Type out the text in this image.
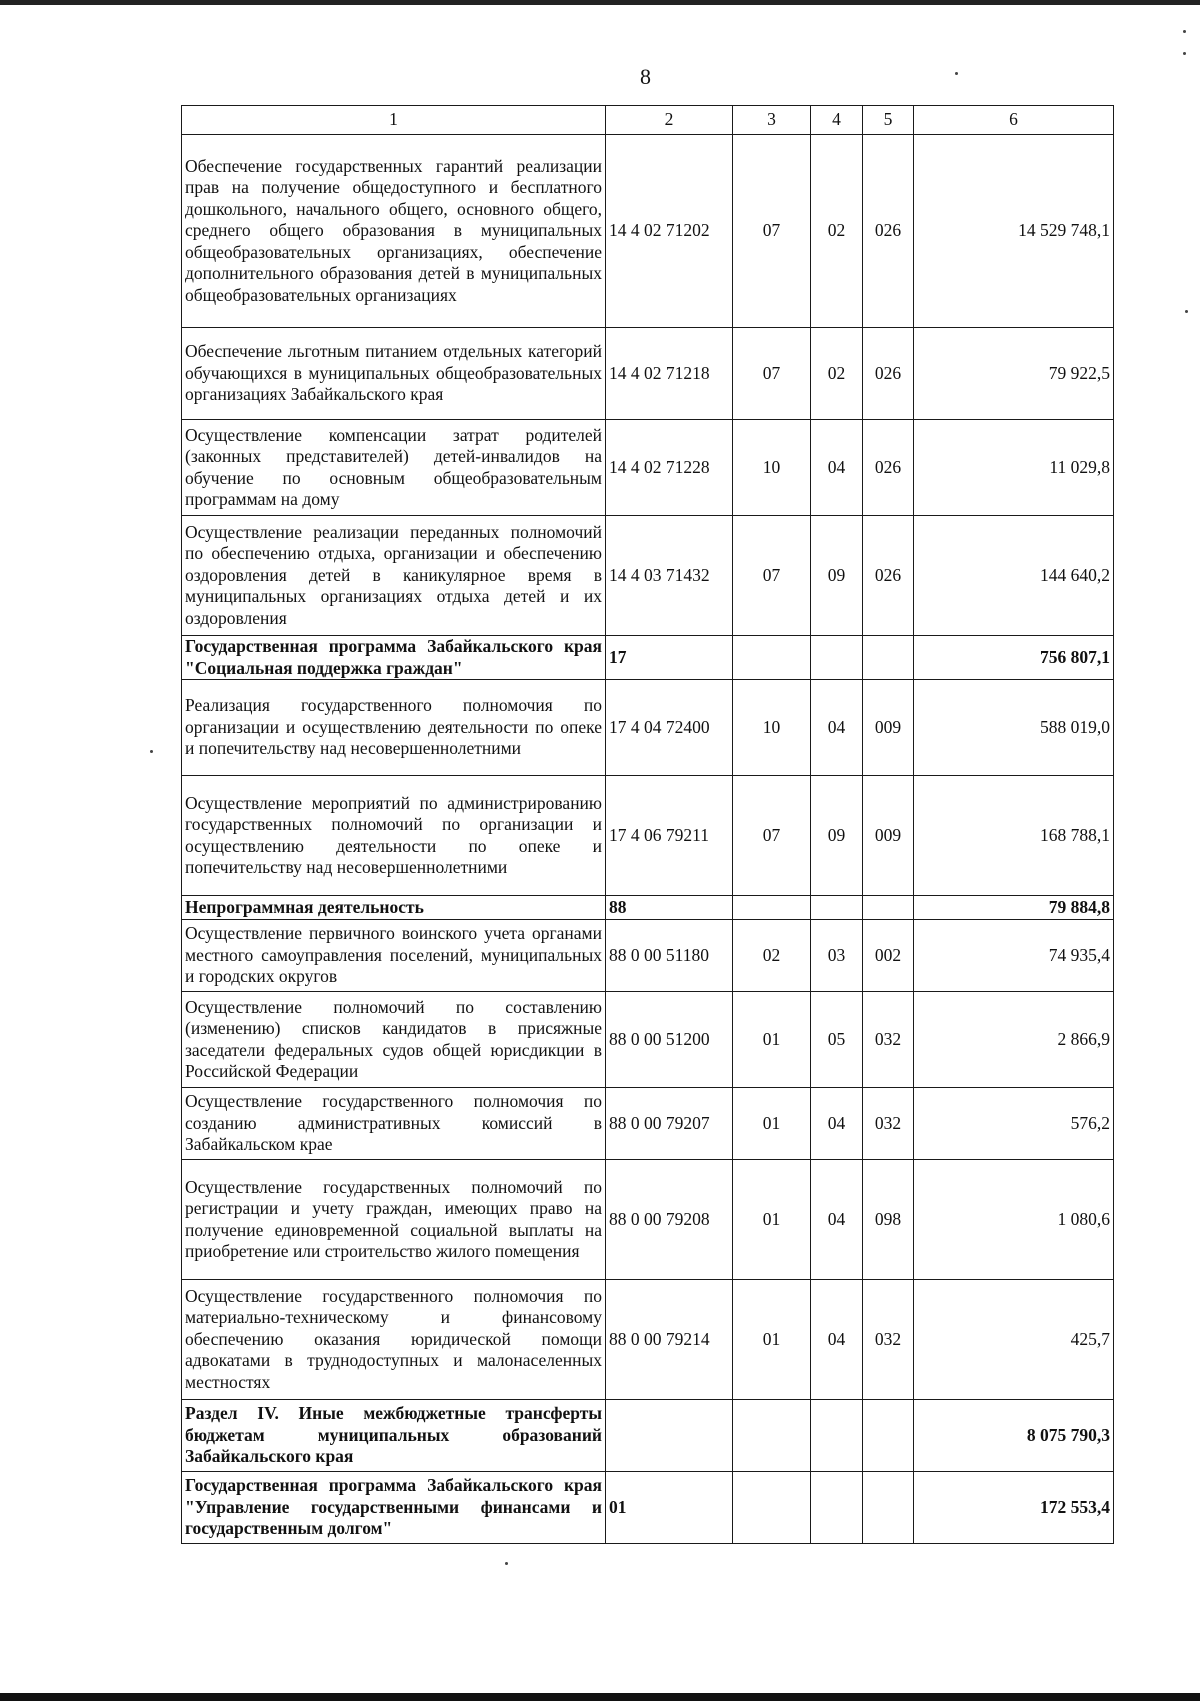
8
1	2	3	4	5	6
Обеспечение государственных гарантий реализации прав на получение общедоступного и бесплатного дошкольного, начального общего, основного общего, среднего общего образования в муниципальных общеобразовательных организациях, обеспечение дополнительного образования детей в муниципальных общеобразовательных организациях	14 4 02 71202	07	02	026	14 529 748,1
Обеспечение льготным питанием отдельных категорий обучающихся в муниципальных общеобразовательных организациях Забайкальского края	14 4 02 71218	07	02	026	79 922,5
Осуществление компенсации затрат родителей (законных представителей) детей-инвалидов на обучение по основным общеобразовательным программам на дому	14 4 02 71228	10	04	026	11 029,8
Осуществление реализации переданных полномочий по обеспечению отдыха, организации и обеспечению оздоровления детей в каникулярное время в муниципальных организациях отдыха детей и их оздоровления	14 4 03 71432	07	09	026	144 640,2
Государственная программа Забайкальского края "Социальная поддержка граждан"	17				756 807,1
Реализация государственного полномочия по организации и осуществлению деятельности по опеке и попечительству над несовершеннолетними	17 4 04 72400	10	04	009	588 019,0
Осуществление мероприятий по администрированию государственных полномочий по организации и осуществлению деятельности по опеке и попечительству над несовершеннолетними	17 4 06 79211	07	09	009	168 788,1
Непрограммная деятельность	88				79 884,8
Осуществление первичного воинского учета органами местного самоуправления поселений, муниципальных и городских округов	88 0 00 51180	02	03	002	74 935,4
Осуществление полномочий по составлению (изменению) списков кандидатов в присяжные заседатели федеральных судов общей юрисдикции в Российской Федерации	88 0 00 51200	01	05	032	2 866,9
Осуществление государственного полномочия по созданию административных комиссий в Забайкальском крае	88 0 00 79207	01	04	032	576,2
Осуществление государственных полномочий по регистрации и учету граждан, имеющих право на получение единовременной социальной выплаты на приобретение или строительство жилого помещения	88 0 00 79208	01	04	098	1 080,6
Осуществление государственного полномочия по материально-техническому и финансовому обеспечению оказания юридической помощи адвокатами в труднодоступных и малонаселенных местностях	88 0 00 79214	01	04	032	425,7
Раздел IV. Иные межбюджетные трансферты бюджетам муниципальных образований Забайкальского края					8 075 790,3
Государственная программа Забайкальского края "Управление государственными финансами и государственным долгом"	01				172 553,4
